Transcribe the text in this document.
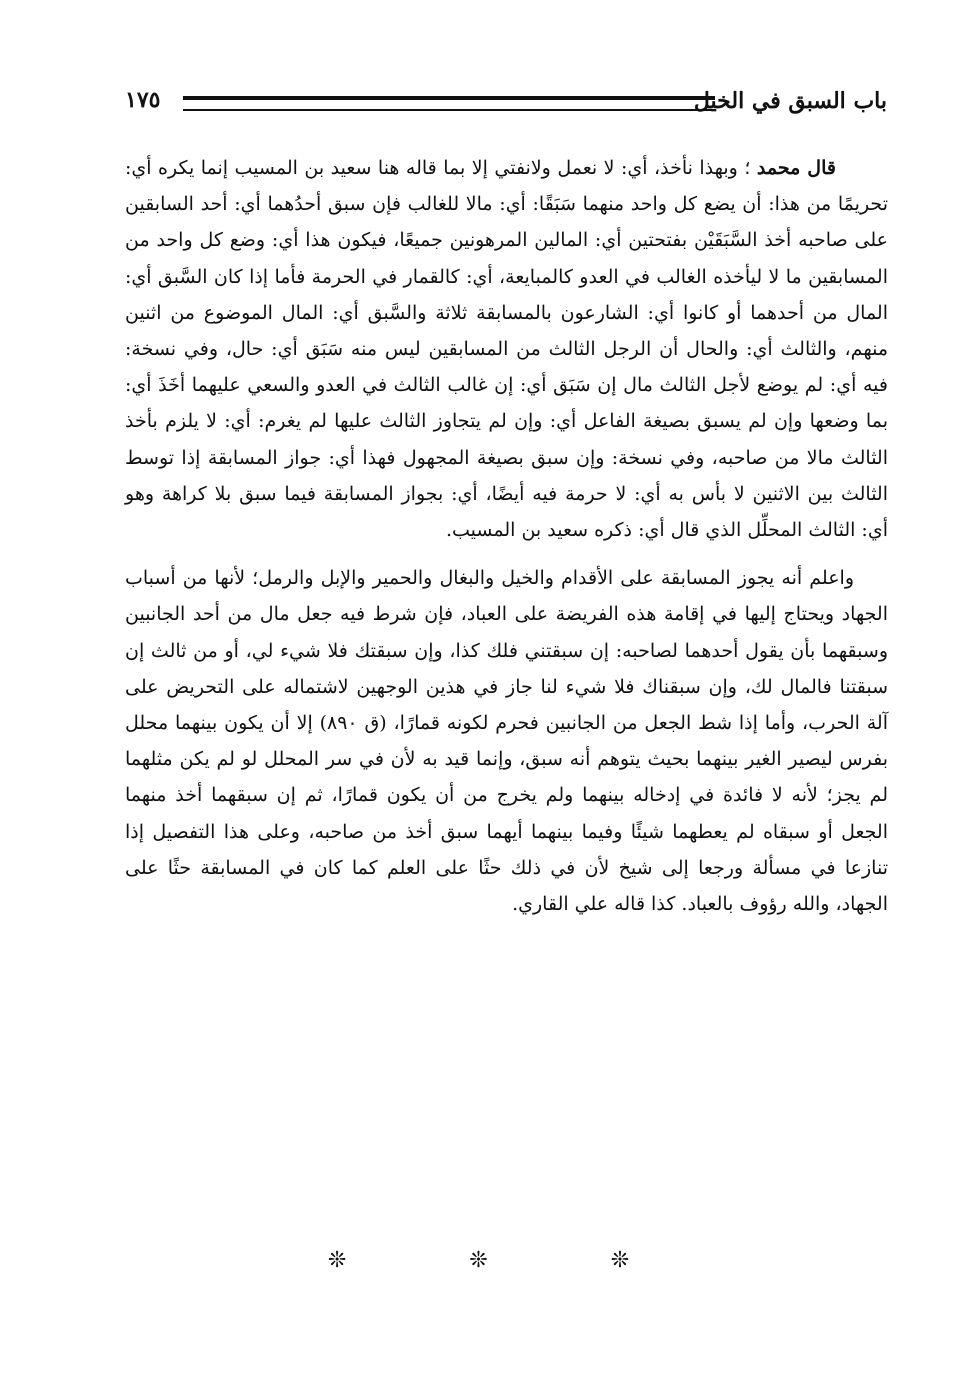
باب السبق في الخيل
١٧٥

قال محمد ؛ وبهذا نأخذ، أي: لا نعمل ولانفتي إلا بما قاله هنا سعيد بن المسيب إنما يكره أي: تحريمًا من هذا: أن يضع كل واحد منهما سَبَقًا: أي: مالا للغالب فإن سبق أحدُهما أي: أحد السابقين على صاحبه أخذ السَّبَقَيْن بفتحتين أي: المالين المرهونين جميعًا، فيكون هذا أي: وضع كل واحد من المسابقين ما لا ليأخذه الغالب في العدو كالمبايعة، أي: كالقمار في الحرمة فأما إذا كان السَّبق أي: المال من أحدهما أو كانوا أي: الشارعون بالمسابقة ثلاثة والسَّبق أي: المال الموضوع من اثنين منهم، والثالث أي: والحال أن الرجل الثالث من المسابقين ليس منه سَبَق أي: حال، وفي نسخة: فيه أي: لم يوضع لأجل الثالث مال إن سَبَق أي: إن غالب الثالث في العدو والسعي عليهما أخَذَ أي: بما وضعها وإن لم يسبق بصيغة الفاعل أي: وإن لم يتجاوز الثالث عليها لم يغرم: أي: لا يلزم بأخذ الثالث مالا من صاحبه، وفي نسخة: وإن سبق بصيغة المجهول فهذا أي: جواز المسابقة إذا توسط الثالث بين الاثنين لا بأس به أي: لا حرمة فيه أيضًا، أي: بجواز المسابقة فيما سبق بلا كراهة وهو أي: الثالث المحلِّل الذي قال أي: ذكره سعيد بن المسيب.

واعلم أنه يجوز المسابقة على الأقدام والخيل والبغال والحمير والإبل والرمل؛ لأنها من أسباب الجهاد ويحتاج إليها في إقامة هذه الفريضة على العباد، فإن شرط فيه جعل مال من أحد الجانبين وسبقهما بأن يقول أحدهما لصاحبه: إن سبقتني فلك كذا، وإن سبقتك فلا شيء لي، أو من ثالث إن سبقتنا فالمال لك، وإن سبقناك فلا شيء لنا جاز في هذين الوجهين لاشتماله على التحريض على آلة الحرب، وأما إذا شط الجعل من الجانبين فحرم لكونه قمارًا، (ق ٨٩٠) إلا أن يكون بينهما محلل بفرس ليصير الغير بينهما بحيث يتوهم أنه سبق، وإنما قيد به لأن في سر المحلل لو لم يكن مثلهما لم يجز؛ لأنه لا فائدة في إدخاله بينهما ولم يخرج من أن يكون قمارًا، ثم إن سبقهما أخذ منهما الجعل أو سبقاه لم يعطهما شيئًا وفيما بينهما أيهما سبق أخذ من صاحبه، وعلى هذا التفصيل إذا تنازعا في مسألة ورجعا إلى شيخ لأن في ذلك حثًا على العلم كما كان في المسابقة حثًا على الجهاد، والله رؤوف بالعباد. كذا قاله علي القاري.

❊ ❊ ❊
